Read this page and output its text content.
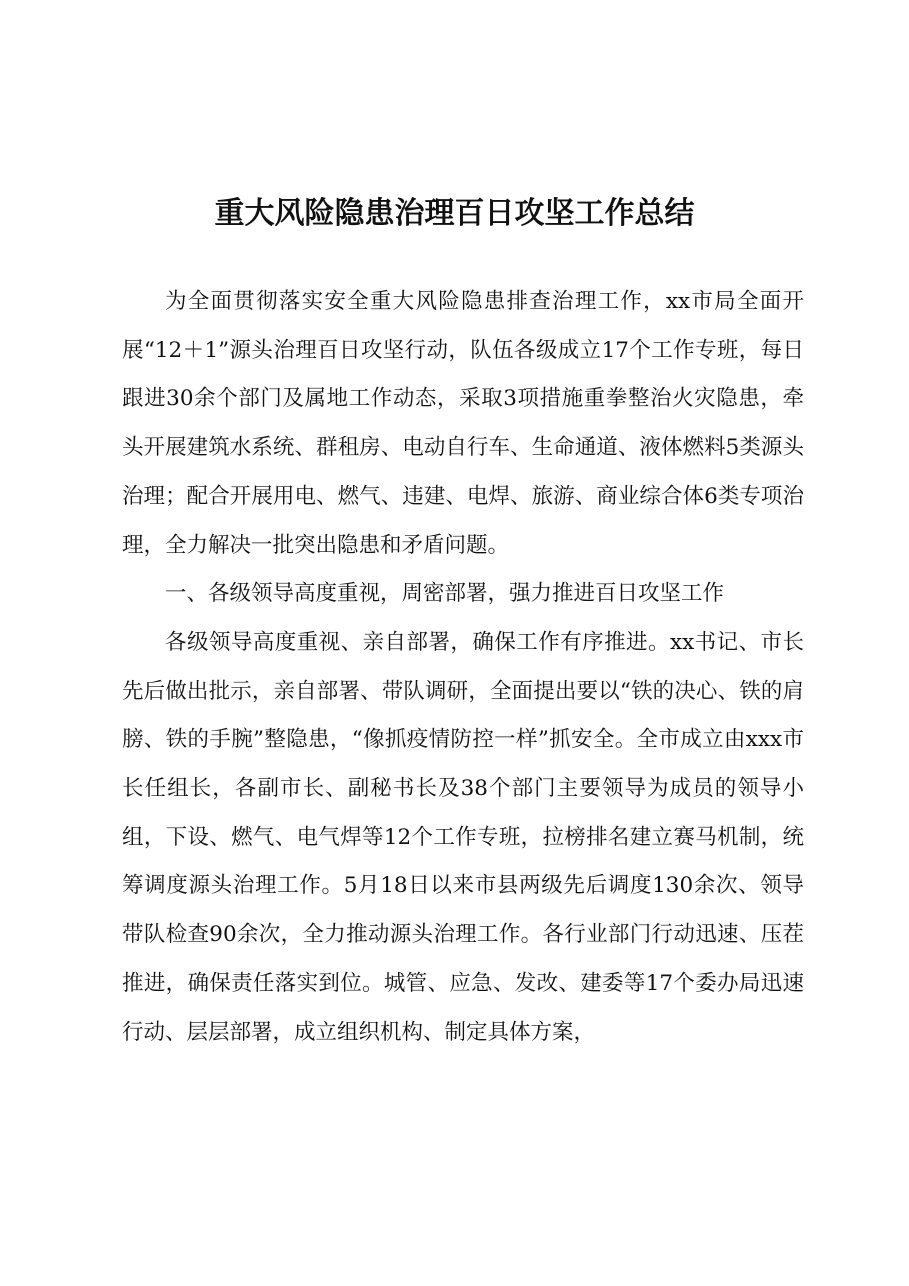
重大风险隐患治理百日攻坚工作总结

为全面贯彻落实安全重大风险隐患排查治理工作，xx市局全面开展“12＋1”源头治理百日攻坚行动，队伍各级成立17个工作专班，每日跟进30余个部门及属地工作动态，采取3项措施重拳整治火灾隐患，牵头开展建筑水系统、群租房、电动自行车、生命通道、液体燃料5类源头治理；配合开展用电、燃气、违建、电焊、旅游、商业综合体6类专项治理，全力解决一批突出隐患和矛盾问题。

一、各级领导高度重视，周密部署，强力推进百日攻坚工作

各级领导高度重视、亲自部署，确保工作有序推进。xx书记、市长先后做出批示，亲自部署、带队调研，全面提出要以“铁的决心、铁的肩膀、铁的手腕”整隐患，“像抓疫情防控一样”抓安全。全市成立由xxx市长任组长，各副市长、副秘书长及38个部门主要领导为成员的领导小组，下设、燃气、电气焊等12个工作专班，拉榜排名建立赛马机制，统筹调度源头治理工作。5月18日以来市县两级先后调度130余次、领导带队检查90余次，全力推动源头治理工作。各行业部门行动迅速、压茬推进，确保责任落实到位。城管、应急、发改、建委等17个委办局迅速行动、层层部署，成立组织机构、制定具体方案，
